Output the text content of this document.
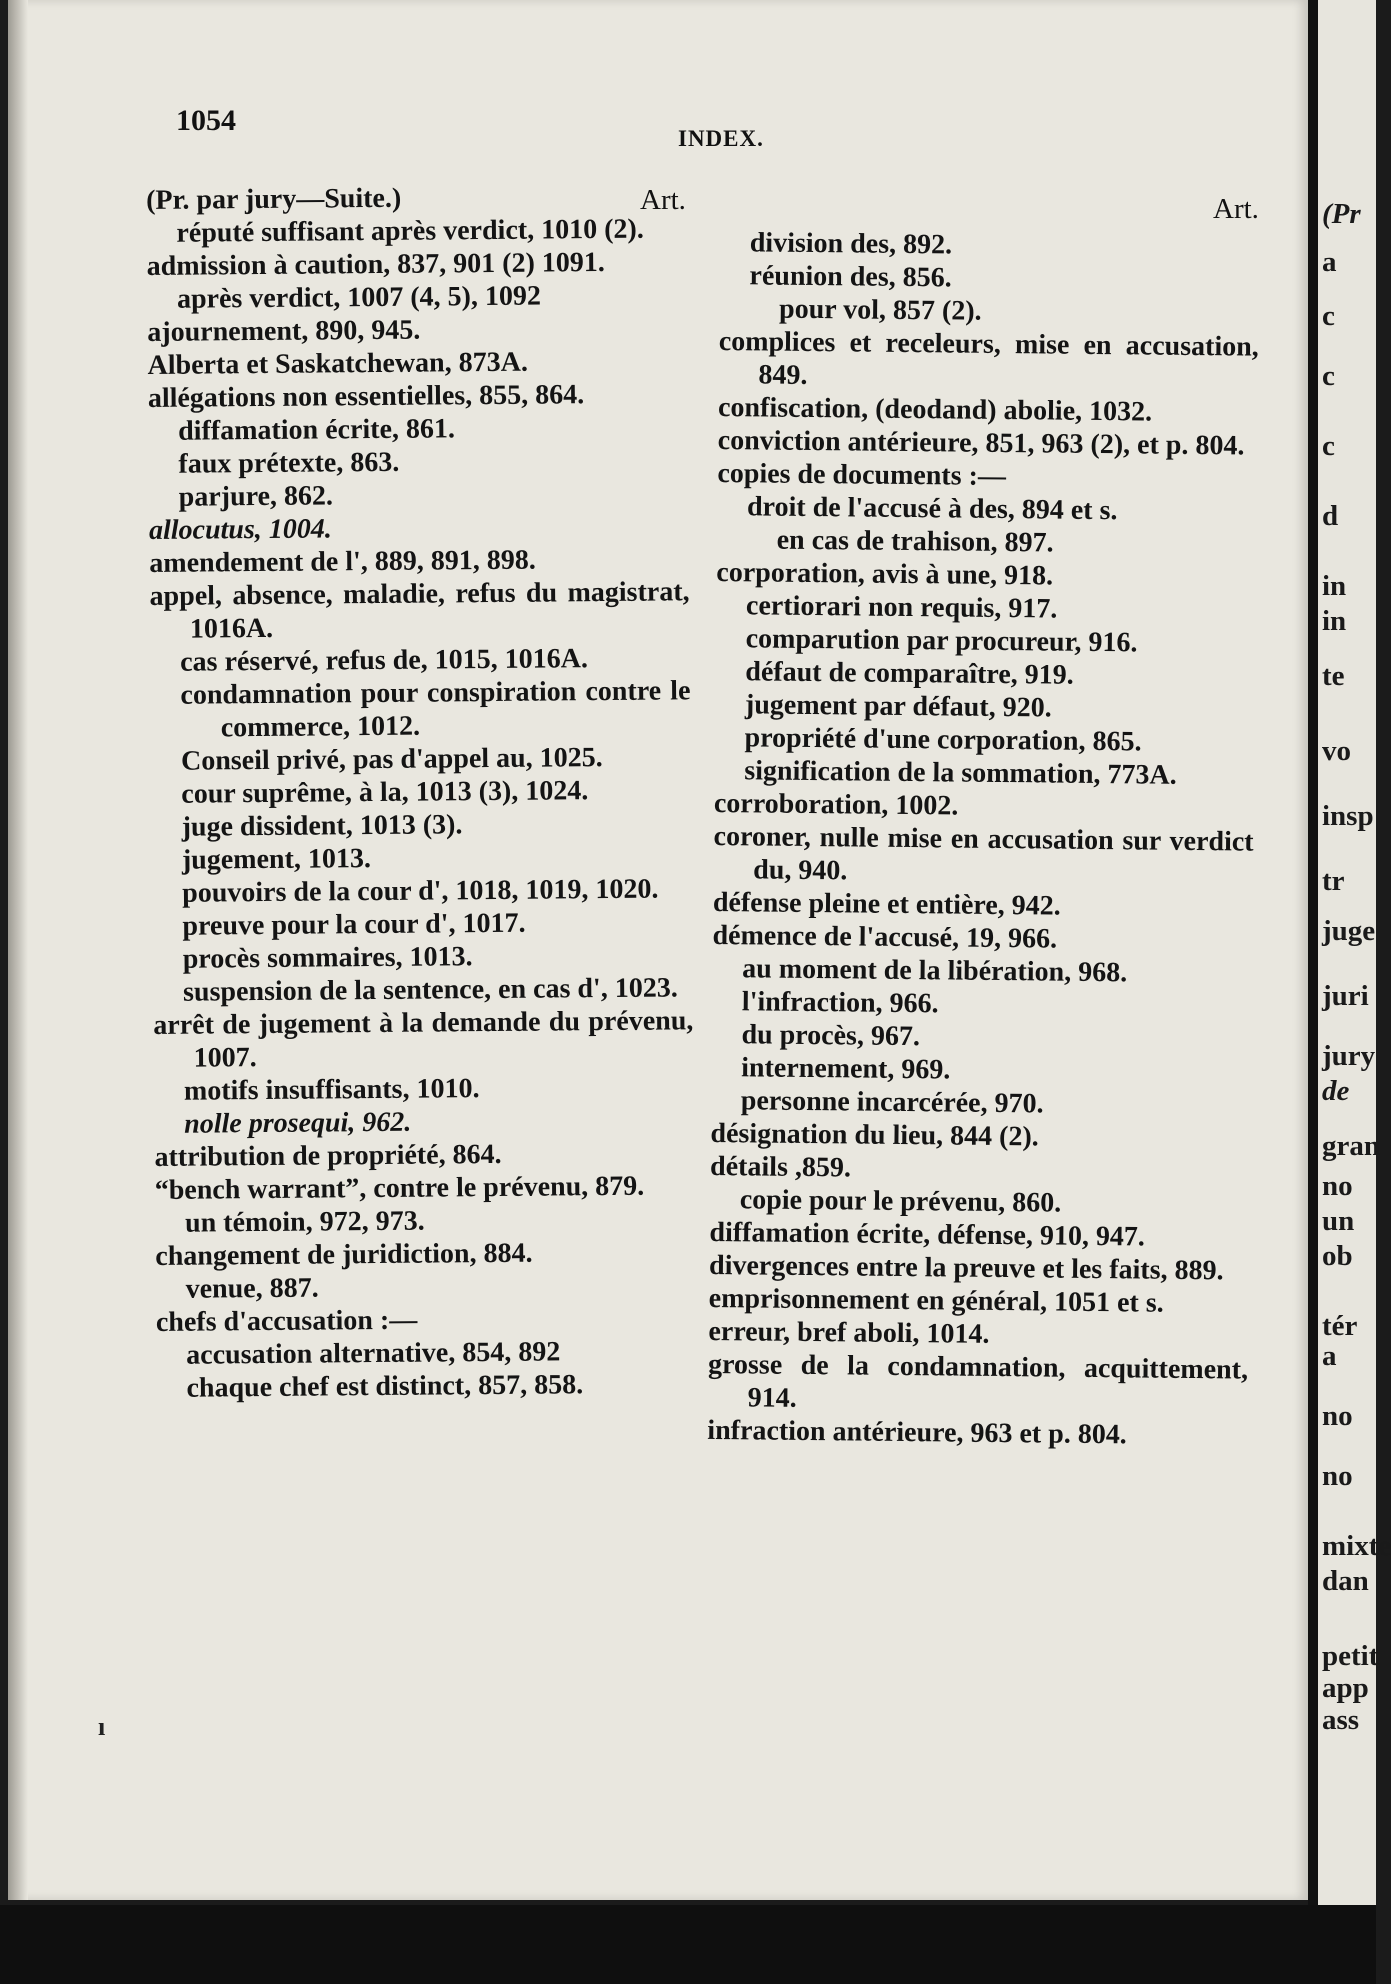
1054
INDEX.
Art.	Art.
(Pr. par jury—Suite.)
réputé suffisant après verdict, 1010 (2).
admission à caution, 837, 901 (2) 1091.
après verdict, 1007 (4, 5), 1092
ajournement, 890, 945.
Alberta et Saskatchewan, 873A.
allégations non essentielles, 855, 864.
diffamation écrite, 861.
faux prétexte, 863.
parjure, 862.
allocutus, 1004.
amendement de l', 889, 891, 898.
appel, absence, maladie, refus du magistrat, 1016A.
cas réservé, refus de, 1015, 1016A.
condamnation pour conspiration contre le commerce, 1012.
Conseil privé, pas d'appel au, 1025.
cour suprême, à la, 1013 (3), 1024.
juge dissident, 1013 (3).
jugement, 1013.
pouvoirs de la cour d', 1018, 1019, 1020.
preuve pour la cour d', 1017.
procès sommaires, 1013.
suspension de la sentence, en cas d', 1023.
arrêt de jugement à la demande du prévenu, 1007.
motifs insuffisants, 1010.
nolle prosequi, 962.
attribution de propriété, 864.
“bench warrant”, contre le prévenu, 879.
un témoin, 972, 973.
changement de juridiction, 884.
venue, 887.
chefs d'accusation :—
accusation alternative, 854, 892
chaque chef est distinct, 857, 858.
division des, 892.
réunion des, 856.
pour vol, 857 (2).
complices et receleurs, mise en accusation, 849.
confiscation, (deodand) abolie, 1032.
conviction antérieure, 851, 963 (2), et p. 804.
copies de documents :—
droit de l'accusé à des, 894 et s.
en cas de trahison, 897.
corporation, avis à une, 918.
certiorari non requis, 917.
comparution par procureur, 916.
défaut de comparaître, 919.
jugement par défaut, 920.
propriété d'une corporation, 865.
signification de la sommation, 773A.
corroboration, 1002.
coroner, nulle mise en accusation sur verdict du, 940.
défense pleine et entière, 942.
démence de l'accusé, 19, 966.
au moment de la libération, 968.
l'infraction, 966.
du procès, 967.
internement, 969.
personne incarcérée, 970.
désignation du lieu, 844 (2).
détails ,859.
copie pour le prévenu, 860.
diffamation écrite, défense, 910, 947.
divergences entre la preuve et les faits, 889.
emprisonnement en général, 1051 et s.
erreur, bref aboli, 1014.
grosse de la condamnation, acquittement, 914.
infraction antérieure, 963 et p. 804.
ı
(Pr
a
c
c
c
d
in
in
te
vo
insp
tr
juge
juri
jury
de
gran
no
un
ob
tér
a
no
no
mixte
dan
petit
app
ass
